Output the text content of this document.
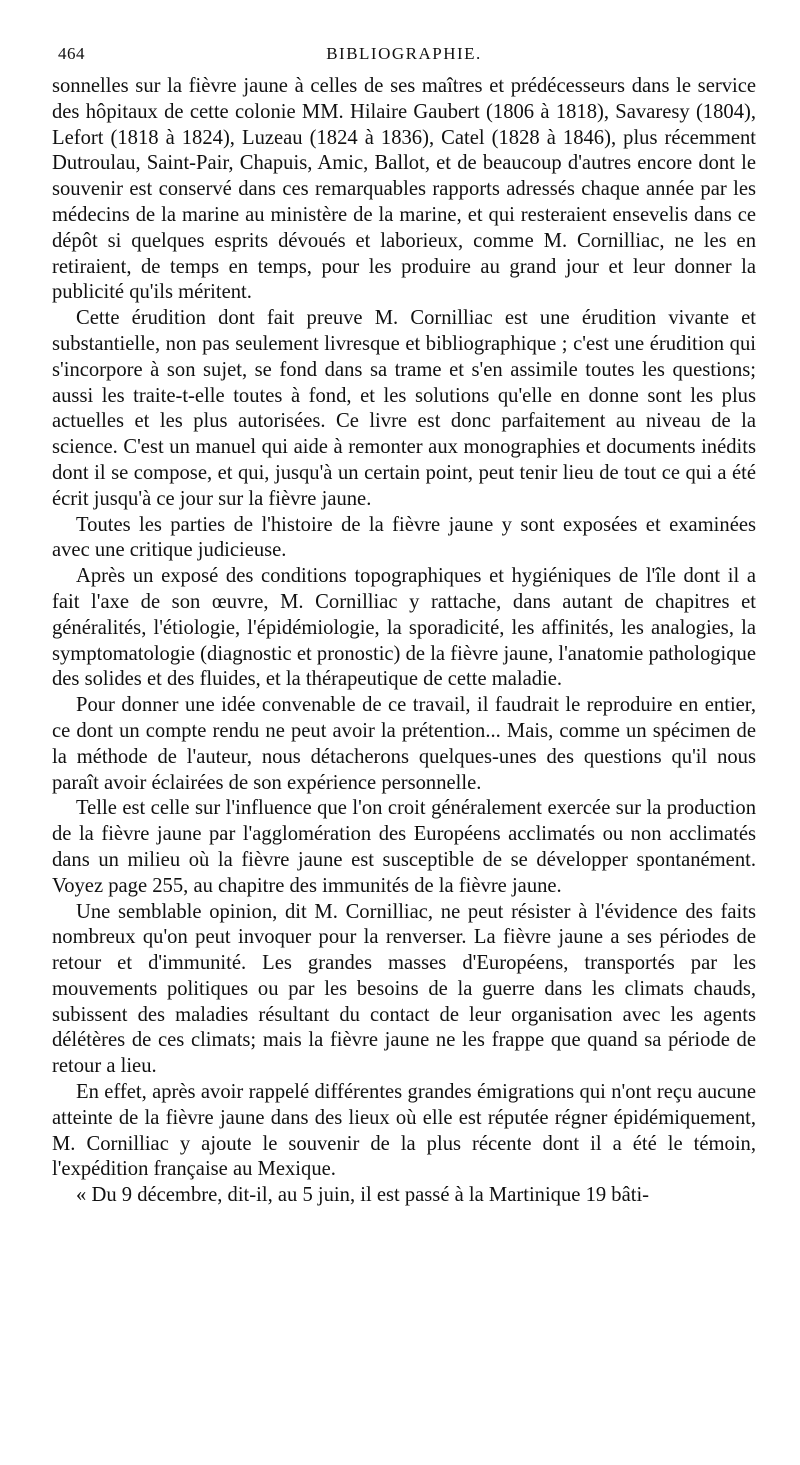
464	BIBLIOGRAPHIE.

sonnelles sur la fièvre jaune à celles de ses maîtres et prédécesseurs dans le service des hôpitaux de cette colonie MM. Hilaire Gaubert (1806 à 1818), Savaresy (1804), Lefort (1818 à 1824), Luzeau (1824 à 1836), Catel (1828 à 1846), plus récemment Dutroulau, Saint-Pair, Chapuis, Amic, Ballot, et de beaucoup d'autres encore dont le souvenir est conservé dans ces remarquables rapports adressés chaque année par les médecins de la marine au ministère de la marine, et qui resteraient ensevelis dans ce dépôt si quelques esprits dévoués et laborieux, comme M. Cornilliac, ne les en retiraient, de temps en temps, pour les produire au grand jour et leur donner la publicité qu'ils méritent.

Cette érudition dont fait preuve M. Cornilliac est une érudition vivante et substantielle, non pas seulement livresque et bibliographique ; c'est une érudition qui s'incorpore à son sujet, se fond dans sa trame et s'en assimile toutes les questions; aussi les traite-t-elle toutes à fond, et les solutions qu'elle en donne sont les plus actuelles et les plus autorisées. Ce livre est donc parfaitement au niveau de la science. C'est un manuel qui aide à remonter aux monographies et documents inédits dont il se compose, et qui, jusqu'à un certain point, peut tenir lieu de tout ce qui a été écrit jusqu'à ce jour sur la fièvre jaune.

Toutes les parties de l'histoire de la fièvre jaune y sont exposées et examinées avec une critique judicieuse.

Après un exposé des conditions topographiques et hygiéniques de l'île dont il a fait l'axe de son œuvre, M. Cornilliac y rattache, dans autant de chapitres et généralités, l'étiologie, l'épidémiologie, la sporadicité, les affinités, les analogies, la symptomatologie (diagnostic et pronostic) de la fièvre jaune, l'anatomie pathologique des solides et des fluides, et la thérapeutique de cette maladie.

Pour donner une idée convenable de ce travail, il faudrait le reproduire en entier, ce dont un compte rendu ne peut avoir la prétention... Mais, comme un spécimen de la méthode de l'auteur, nous détacherons quelques-unes des questions qu'il nous paraît avoir éclairées de son expérience personnelle.

Telle est celle sur l'influence que l'on croit généralement exercée sur la production de la fièvre jaune par l'agglomération des Européens acclimatés ou non acclimatés dans un milieu où la fièvre jaune est susceptible de se développer spontanément. Voyez page 255, au chapitre des immunités de la fièvre jaune.

Une semblable opinion, dit M. Cornilliac, ne peut résister à l'évidence des faits nombreux qu'on peut invoquer pour la renverser. La fièvre jaune a ses périodes de retour et d'immunité. Les grandes masses d'Européens, transportés par les mouvements politiques ou par les besoins de la guerre dans les climats chauds, subissent des maladies résultant du contact de leur organisation avec les agents délétères de ces climats; mais la fièvre jaune ne les frappe que quand sa période de retour a lieu.

En effet, après avoir rappelé différentes grandes émigrations qui n'ont reçu aucune atteinte de la fièvre jaune dans des lieux où elle est réputée régner épidémiquement, M. Cornilliac y ajoute le souvenir de la plus récente dont il a été le témoin, l'expédition française au Mexique.

« Du 9 décembre, dit-il, au 5 juin, il est passé à la Martinique 19 bâti-
